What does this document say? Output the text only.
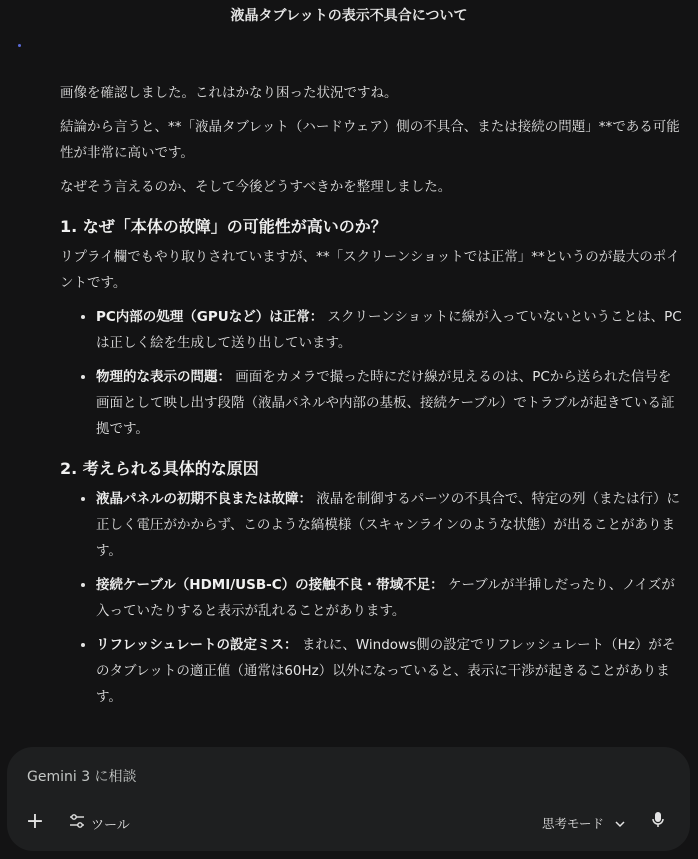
液晶タブレットの表示不具合について

画像を確認しました。これはかなり困った状況ですね。

結論から言うと、**「液晶タブレット（ハードウェア）側の不具合、または接続の問題」**である可能性が非常に高いです。

なぜそう言えるのか、そして今後どうすべきかを整理しました。

1. なぜ「本体の故障」の可能性が高いのか？

リプライ欄でもやり取りされていますが、**「スクリーンショットでは正常」**というのが最大のポイントです。

• PC内部の処理（GPUなど）は正常： スクリーンショットに線が入っていないということは、PCは正しく絵を生成して送り出しています。
• 物理的な表示の問題： 画面をカメラで撮った時にだけ線が見えるのは、PCから送られた信号を画面として映し出す段階（液晶パネルや内部の基板、接続ケーブル）でトラブルが起きている証拠です。
2. 考えられる具体的な原因
• 液晶パネルの初期不良または故障： 液晶を制御するパーツの不具合で、特定の列（または行）に正しく電圧がかからず、このような縞模様（スキャンラインのような状態）が出ることがあります。
• 接続ケーブル（HDMI/USB-C）の接触不良・帯域不足： ケーブルが半挿しだったり、ノイズが入っていたりすると表示が乱れることがあります。
• リフレッシュレートの設定ミス： まれに、Windows側の設定でリフレッシュレート（Hz）がそのタブレットの適正値（通常は60Hz）以外になっていると、表示に干渉が起きることがあります。
Gemini 3 に相談
+	ツール	思考モード
